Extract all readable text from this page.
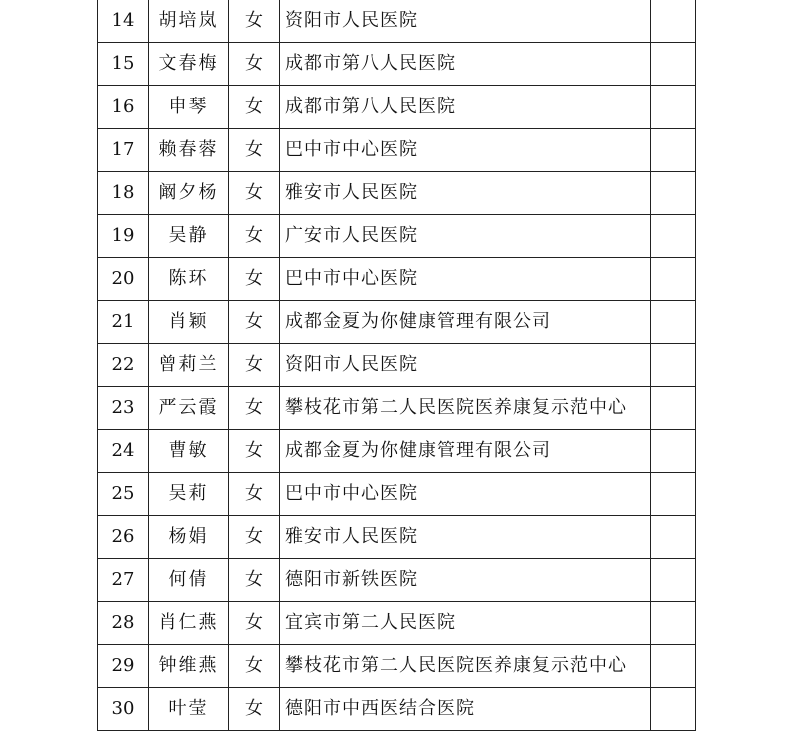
14	胡培岚	女	资阳市人民医院	
15	文春梅	女	成都市第八人民医院	
16	申琴	女	成都市第八人民医院	
17	赖春蓉	女	巴中市中心医院	
18	阚夕杨	女	雅安市人民医院	
19	吴静	女	广安市人民医院	
20	陈环	女	巴中市中心医院	
21	肖颖	女	成都金夏为你健康管理有限公司	
22	曾莉兰	女	资阳市人民医院	
23	严云霞	女	攀枝花市第二人民医院医养康复示范中心	
24	曹敏	女	成都金夏为你健康管理有限公司	
25	吴莉	女	巴中市中心医院	
26	杨娟	女	雅安市人民医院	
27	何倩	女	德阳市新铁医院	
28	肖仁燕	女	宜宾市第二人民医院	
29	钟维燕	女	攀枝花市第二人民医院医养康复示范中心	
30	叶莹	女	德阳市中西医结合医院	
